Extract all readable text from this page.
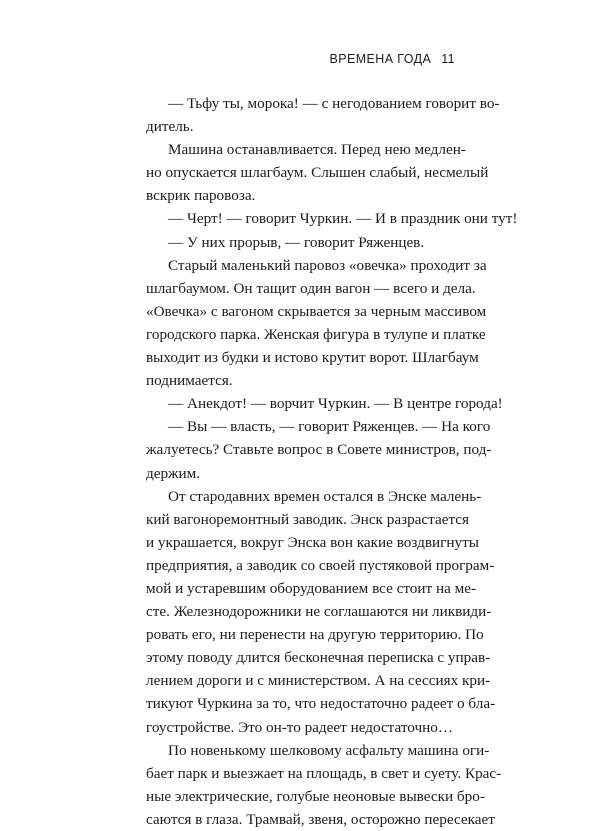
ВРЕМЕНА ГОДА 11
— Тьфу ты, морока! — с негодованием говорит во-
дитель.
Машина останавливается. Перед нею медлен-
но опускается шлагбаум. Слышен слабый, несмелый
вскрик паровоза.
— Черт! — говорит Чуркин. — И в праздник они тут!
— У них прорыв, — говорит Ряженцев.
Старый маленький паровоз «овечка» проходит за
шлагбаумом. Он тащит один вагон — всего и дела.
«Овечка» с вагоном скрывается за черным массивом
городского парка. Женская фигура в тулупе и платке
выходит из будки и истово крутит ворот. Шлагбаум
поднимается.
— Анекдот! — ворчит Чуркин. — В центре города!
— Вы — власть, — говорит Ряженцев. — На кого
жалуетесь? Ставьте вопрос в Совете министров, под-
держим.
От стародавних времен остался в Энске малень-
кий вагоноремонтный заводик. Энск разрастается
и украшается, вокруг Энска вон какие воздвигнуты
предприятия, а заводик со своей пустяковой програм-
мой и устаревшим оборудованием все стоит на ме-
сте. Железнодорожники не соглашаются ни ликвиди-
ровать его, ни перенести на другую территорию. По
этому поводу длится бесконечная переписка с управ-
лением дороги и с министерством. А на сессиях кри-
тикуют Чуркина за то, что недостаточно радеет о бла-
гоустройстве. Это он-то радеет недостаточно…
По новенькому шелковому асфальту машина оги-
бает парк и выезжает на площадь, в свет и суету. Крас-
ные электрические, голубые неоновые вывески бро-
саются в глаза. Трамвай, звеня, осторожно пересекает
